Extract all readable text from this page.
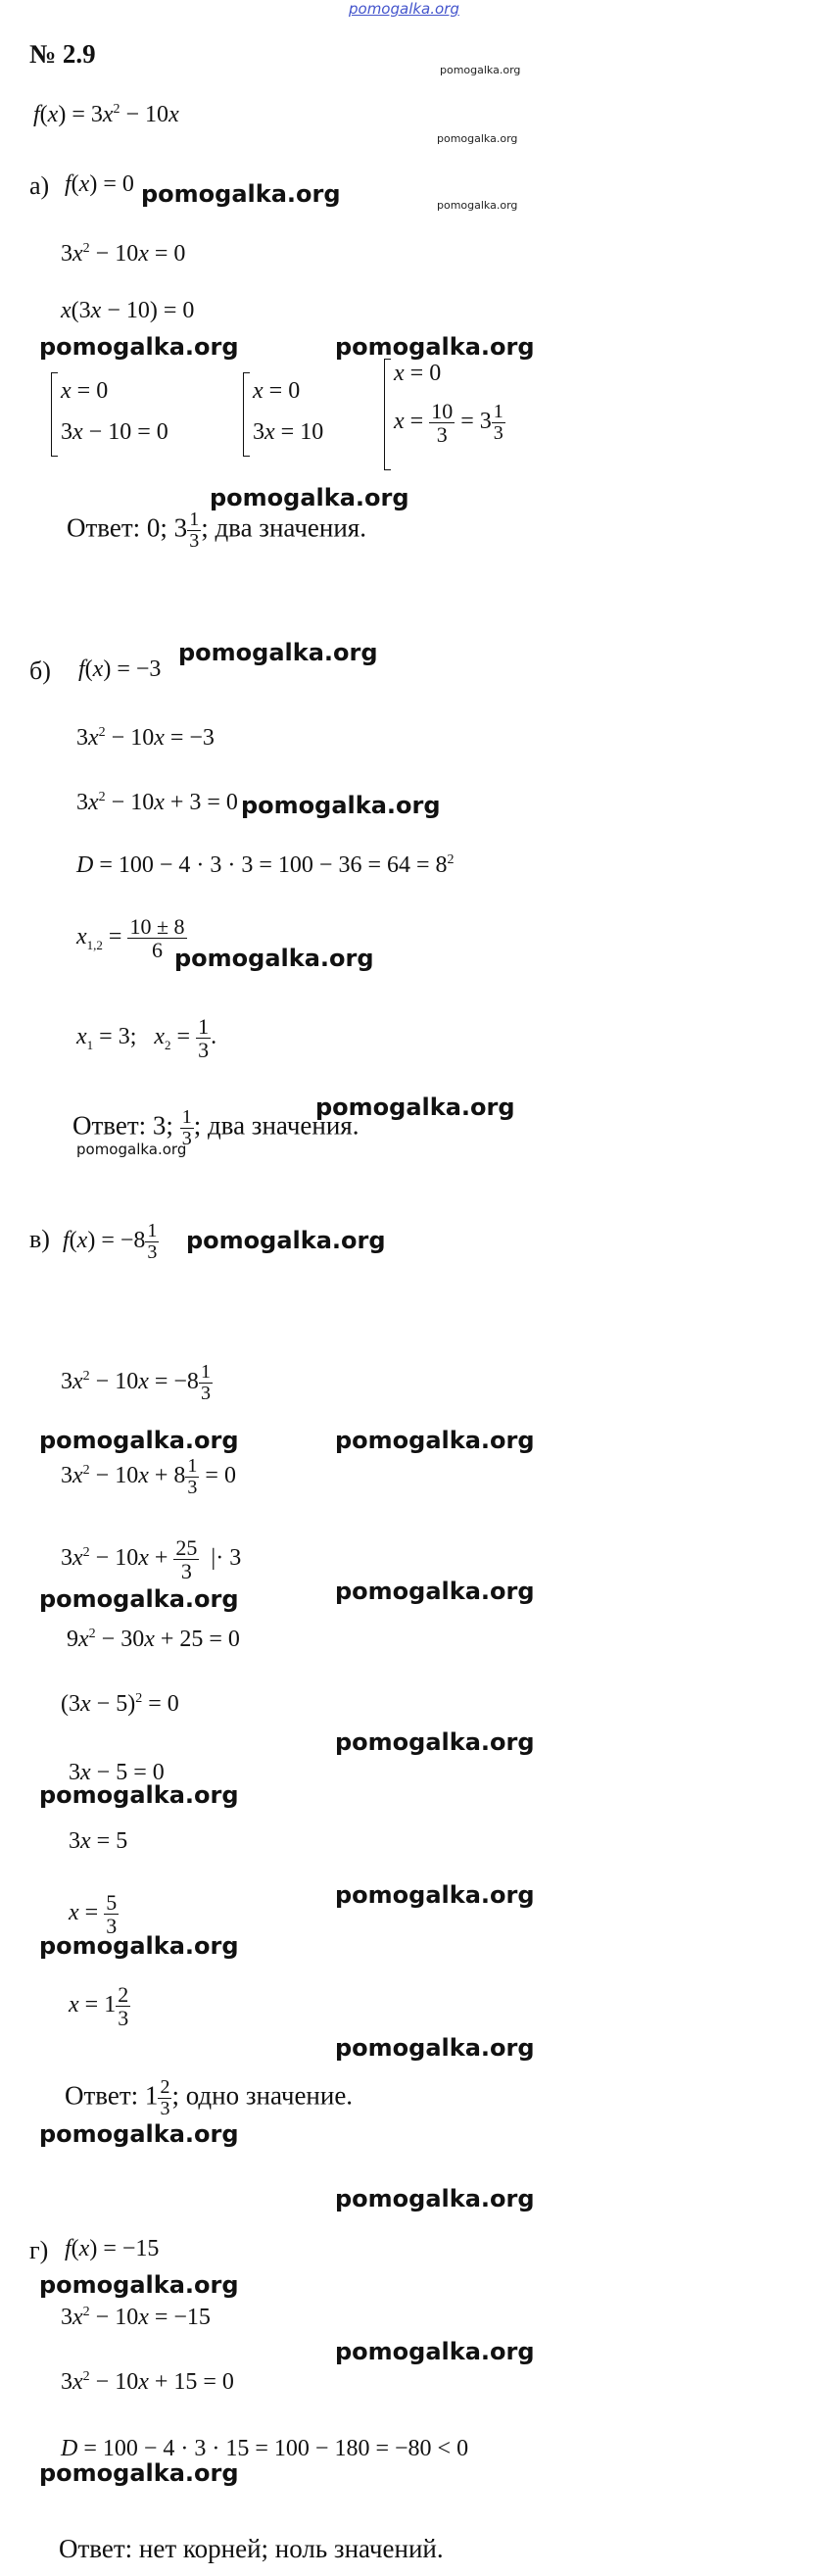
pomogalka.org
№ 2.9
pomogalka.org
$f(x) = 3x^2 - 10x$
pomogalka.org
а) f(x) = 0 pomogalka.org	pomogalka.org
$3x^2 - 10x = 0$
x(3x − 10) = 0
pomogalka.org	pomogalka.org
x = 0
3x − 10 = 0
x = 0
3x = 10
x = 0
$x = \frac{10}{3} = 3 \frac{1}{3}$
pomogalka.org
Ответ: 0; $3 \frac{1}{3}$ ; два значения.
б) f(x) = −3
pomogalka.org
$3x^2 - 10x = -3$
$3x^2 - 10x + 3 = 0$ pomogalka.org
$D = 100 - 4 \cdot 3 \cdot 3 = 100 - 36 = 64 = 8^2$
$x_{1,2} = \frac{10 \pm 8}{6}$
pomogalka.org
$x_1 = 3$;   $x_2 = \frac{1}{3}$ .
pomogalka.org
Ответ: 3; $\frac{1}{3}$ ; два значения.
pomogalka.org
в) $f(x) = -8 \frac{1}{3}$ pomogalka.org
$3x^2 - 10x = -8 \frac{1}{3}$
pomogalka.org	pomogalka.org
$3x^2 - 10x + 8 \frac{1}{3} = 0$
$3x^2 - 10x + \frac{25}{3}$ |· 3
pomogalka.org	pomogalka.org
$9x^2 - 30x + 25 = 0$
$(3x - 5)^2 = 0$
pomogalka.org
3x − 5 = 0
pomogalka.org
3x = 5
$x = \frac{5}{3}$	pomogalka.org
pomogalka.org
$x = 1 \frac{2}{3}$
pomogalka.org
Ответ: $1 \frac{2}{3}$ ; одно значение.
pomogalka.org
pomogalka.org
г) f(x) = −15
pomogalka.org
$3x^2 - 10x = -15$
pomogalka.org
$3x^2 - 10x + 15 = 0$
D = 100 − 4 · 3 · 15 = 100 − 180 = −80 < 0
pomogalka.org
Ответ: нет корней; ноль значений.
